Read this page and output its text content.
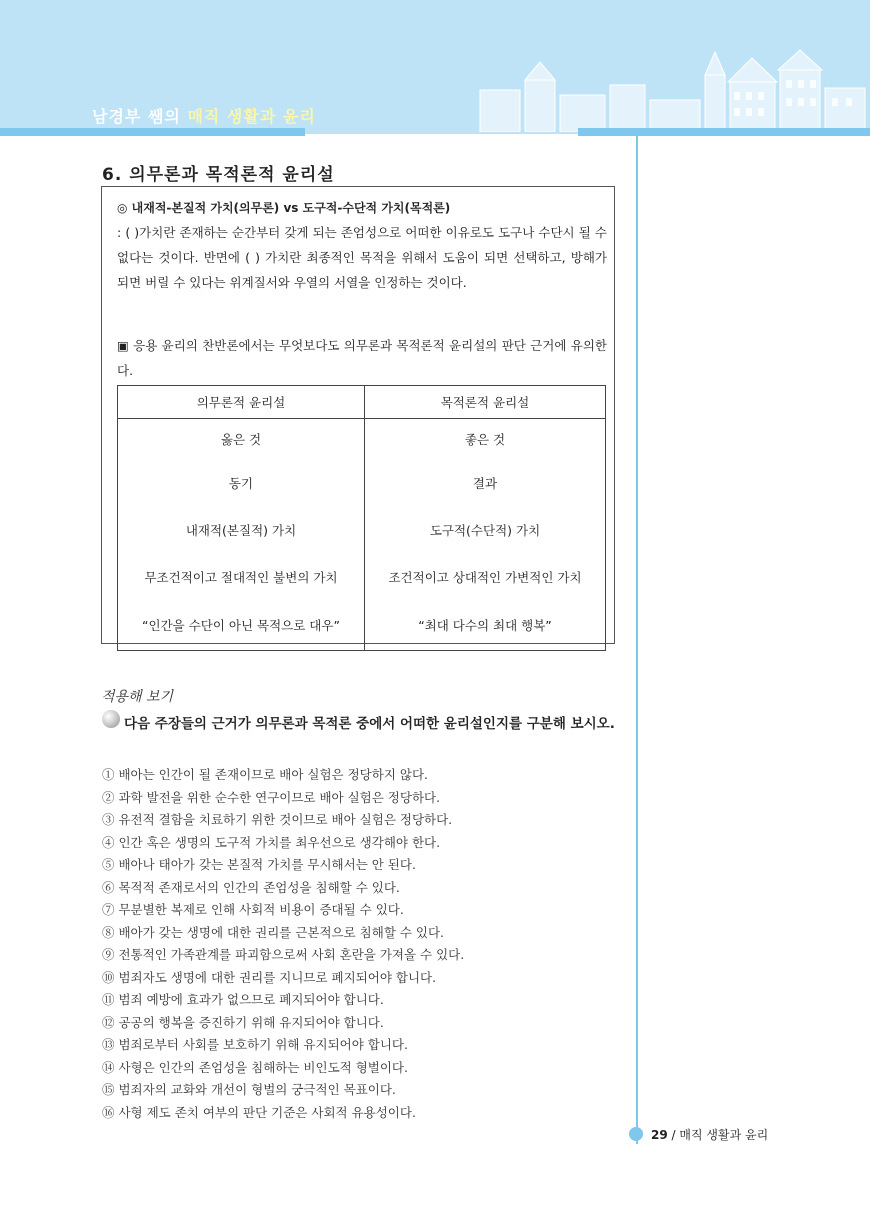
남경부 쌤의 매직 생활과 윤리
6. 의무론과 목적론적 윤리설
◎ 내재적-본질적 가치(의무론) vs 도구적-수단적 가치(목적론)
: ( )가치란 존재하는 순간부터 갖게 되는 존엄성으로 어떠한 이유로도 도구나 수단시 될 수 없다는 것이다. 반면에 ( ) 가치란 최종적인 목적을 위해서 도움이 되면 선택하고, 방해가 되면 버릴 수 있다는 위계질서와 우열의 서열을 인정하는 것이다.
▣ 응용 윤리의 찬반론에서는 무엇보다도 의무론과 목적론적 윤리설의 판단 근거에 유의한다.
의무론적 윤리설	목적론적 윤리설
옳은 것	좋은 것
동기	결과
내재적(본질적) 가치	도구적(수단적) 가치
무조건적이고 절대적인 불변의 가치	조건적이고 상대적인 가변적인 가치
“인간을 수단이 아닌 목적으로 대우”	“최대 다수의 최대 행복”
적용해 보기
다음 주장들의 근거가 의무론과 목적론 중에서 어떠한 윤리설인지를 구분해 보시오.
① 배아는 인간이 될 존재이므로 배아 실험은 정당하지 않다.
② 과학 발전을 위한 순수한 연구이므로 배아 실험은 정당하다.
③ 유전적 결함을 치료하기 위한 것이므로 배아 실험은 정당하다.
④ 인간 혹은 생명의 도구적 가치를 최우선으로 생각해야 한다.
⑤ 배아나 태아가 갖는 본질적 가치를 무시해서는 안 된다.
⑥ 목적적 존재로서의 인간의 존엄성을 침해할 수 있다.
⑦ 무분별한 복제로 인해 사회적 비용이 증대될 수 있다.
⑧ 배아가 갖는 생명에 대한 권리를 근본적으로 침해할 수 있다.
⑨ 전통적인 가족관계를 파괴함으로써 사회 혼란을 가져올 수 있다.
⑩ 범죄자도 생명에 대한 권리를 지니므로 폐지되어야 합니다.
⑪ 범죄 예방에 효과가 없으므로 폐지되어야 합니다.
⑫ 공공의 행복을 증진하기 위해 유지되어야 합니다.
⑬ 범죄로부터 사회를 보호하기 위해 유지되어야 합니다.
⑭ 사형은 인간의 존엄성을 침해하는 비인도적 형벌이다.
⑮ 범죄자의 교화와 개선이 형벌의 궁극적인 목표이다.
⑯ 사형 제도 존치 여부의 판단 기준은 사회적 유용성이다.
29 / 매직 생활과 윤리
